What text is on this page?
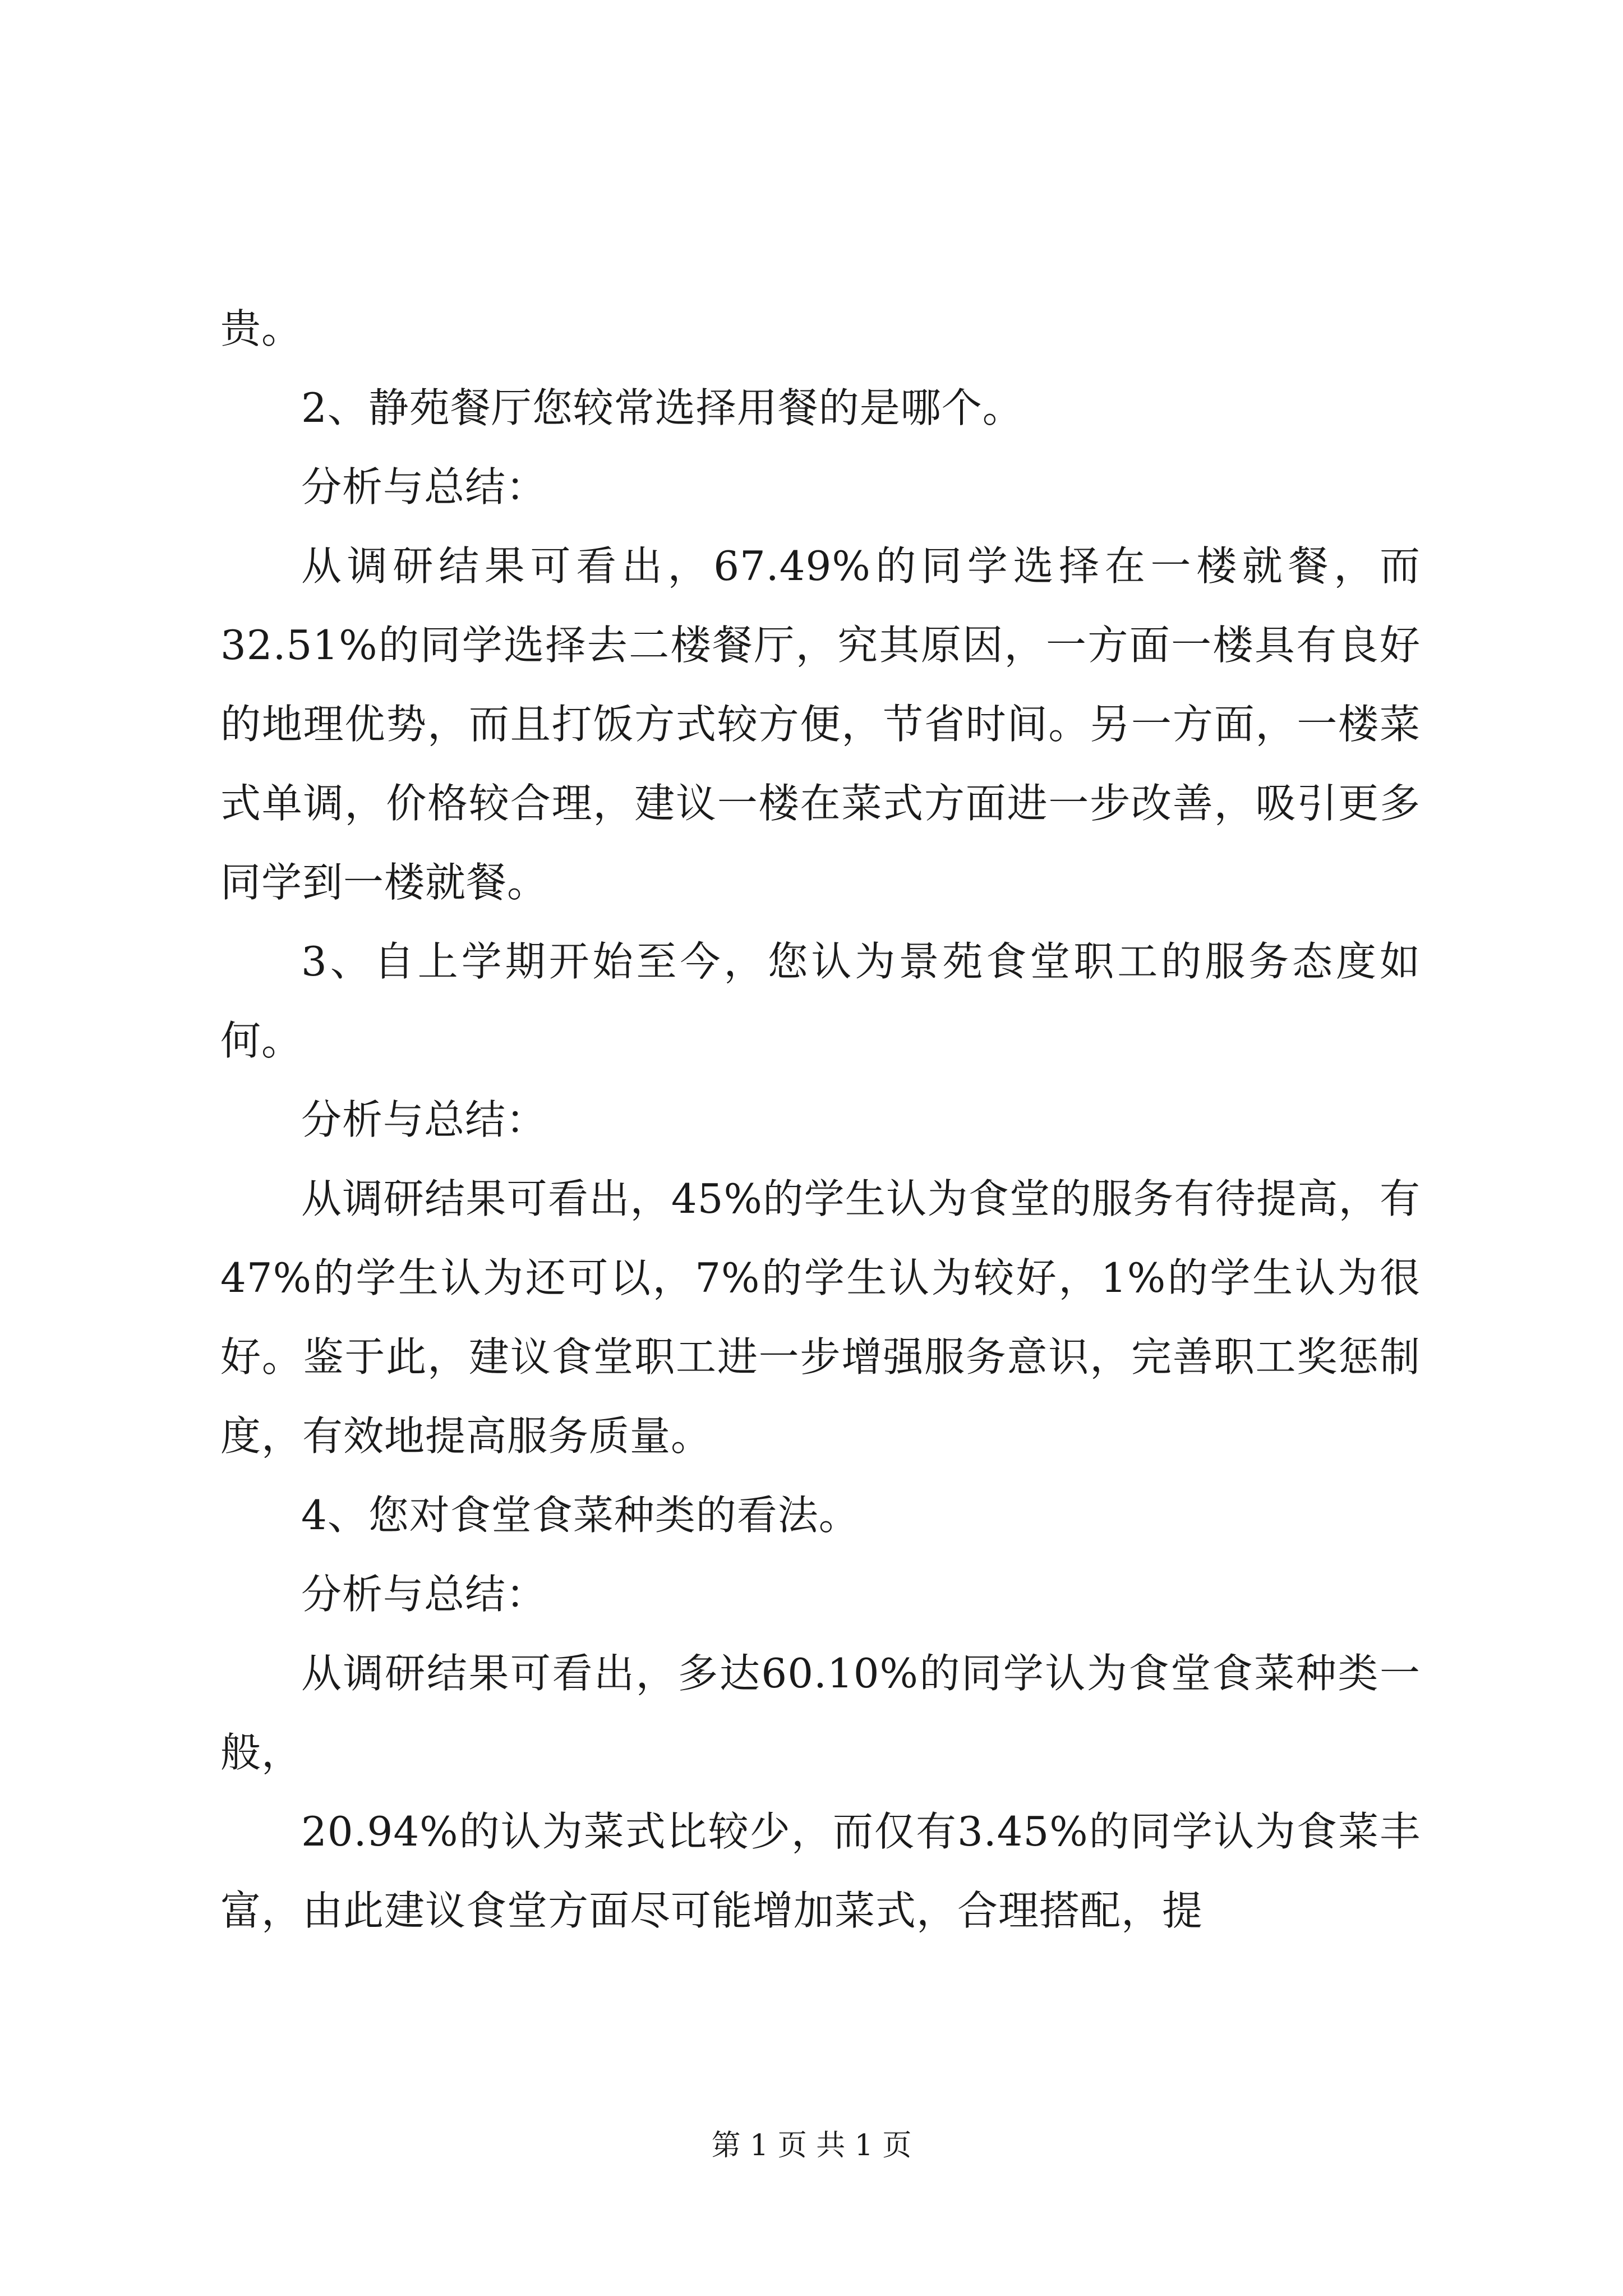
贵。

2、静苑餐厅您较常选择用餐的是哪个。

分析与总结：

从调研结果可看出，67.49%的同学选择在一楼就餐，而32.51%的同学选择去二楼餐厅，究其原因，一方面一楼具有良好的地理优势，而且打饭方式较方便，节省时间。另一方面，一楼菜式单调，价格较合理，建议一楼在菜式方面进一步改善，吸引更多同学到一楼就餐。

3、自上学期开始至今，您认为景苑食堂职工的服务态度如何。

分析与总结：

从调研结果可看出，45%的学生认为食堂的服务有待提高，有47%的学生认为还可以，7%的学生认为较好，1%的学生认为很好。鉴于此，建议食堂职工进一步增强服务意识，完善职工奖惩制度，有效地提高服务质量。

4、您对食堂食菜种类的看法。

分析与总结：

从调研结果可看出，多达60.10%的同学认为食堂食菜种类一般，

20.94%的认为菜式比较少，而仅有3.45%的同学认为食菜丰富，由此建议食堂方面尽可能增加菜式，合理搭配，提

第 1 页 共 1 页
